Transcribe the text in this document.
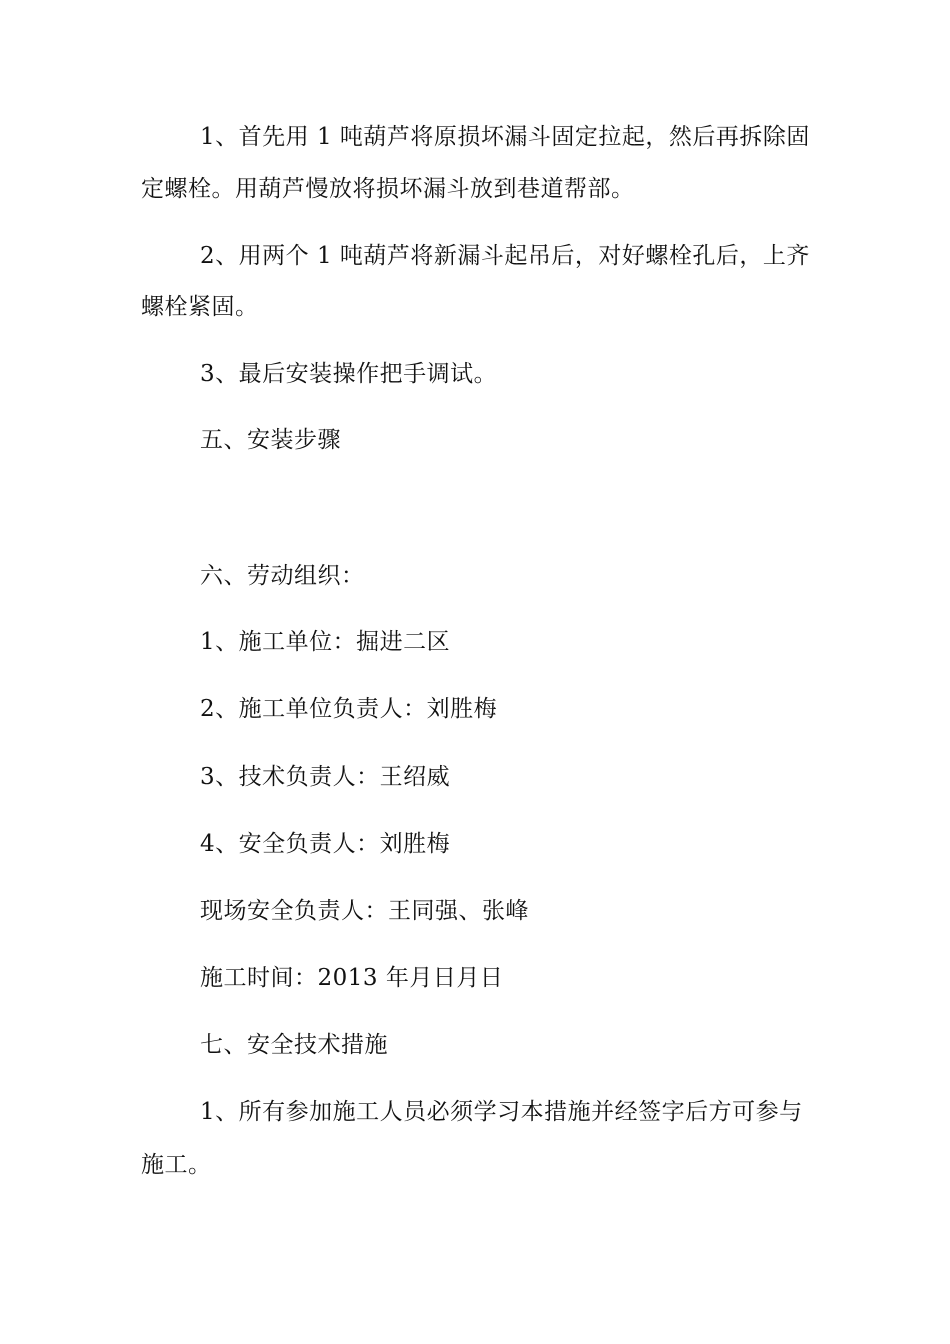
1、首先用 1 吨葫芦将原损坏漏斗固定拉起，然后再拆除固
定螺栓。用葫芦慢放将损坏漏斗放到巷道帮部。
2、用两个 1 吨葫芦将新漏斗起吊后，对好螺栓孔后，上齐
螺栓紧固。
3、最后安装操作把手调试。
五、安装步骤
六、劳动组织：
1、施工单位：掘进二区
2、施工单位负责人：刘胜梅
3、技术负责人：王绍威
4、安全负责人：刘胜梅
现场安全负责人：王同强、张峰
施工时间：2013 年月日月日
七、安全技术措施
1、所有参加施工人员必须学习本措施并经签字后方可参与
施工。
